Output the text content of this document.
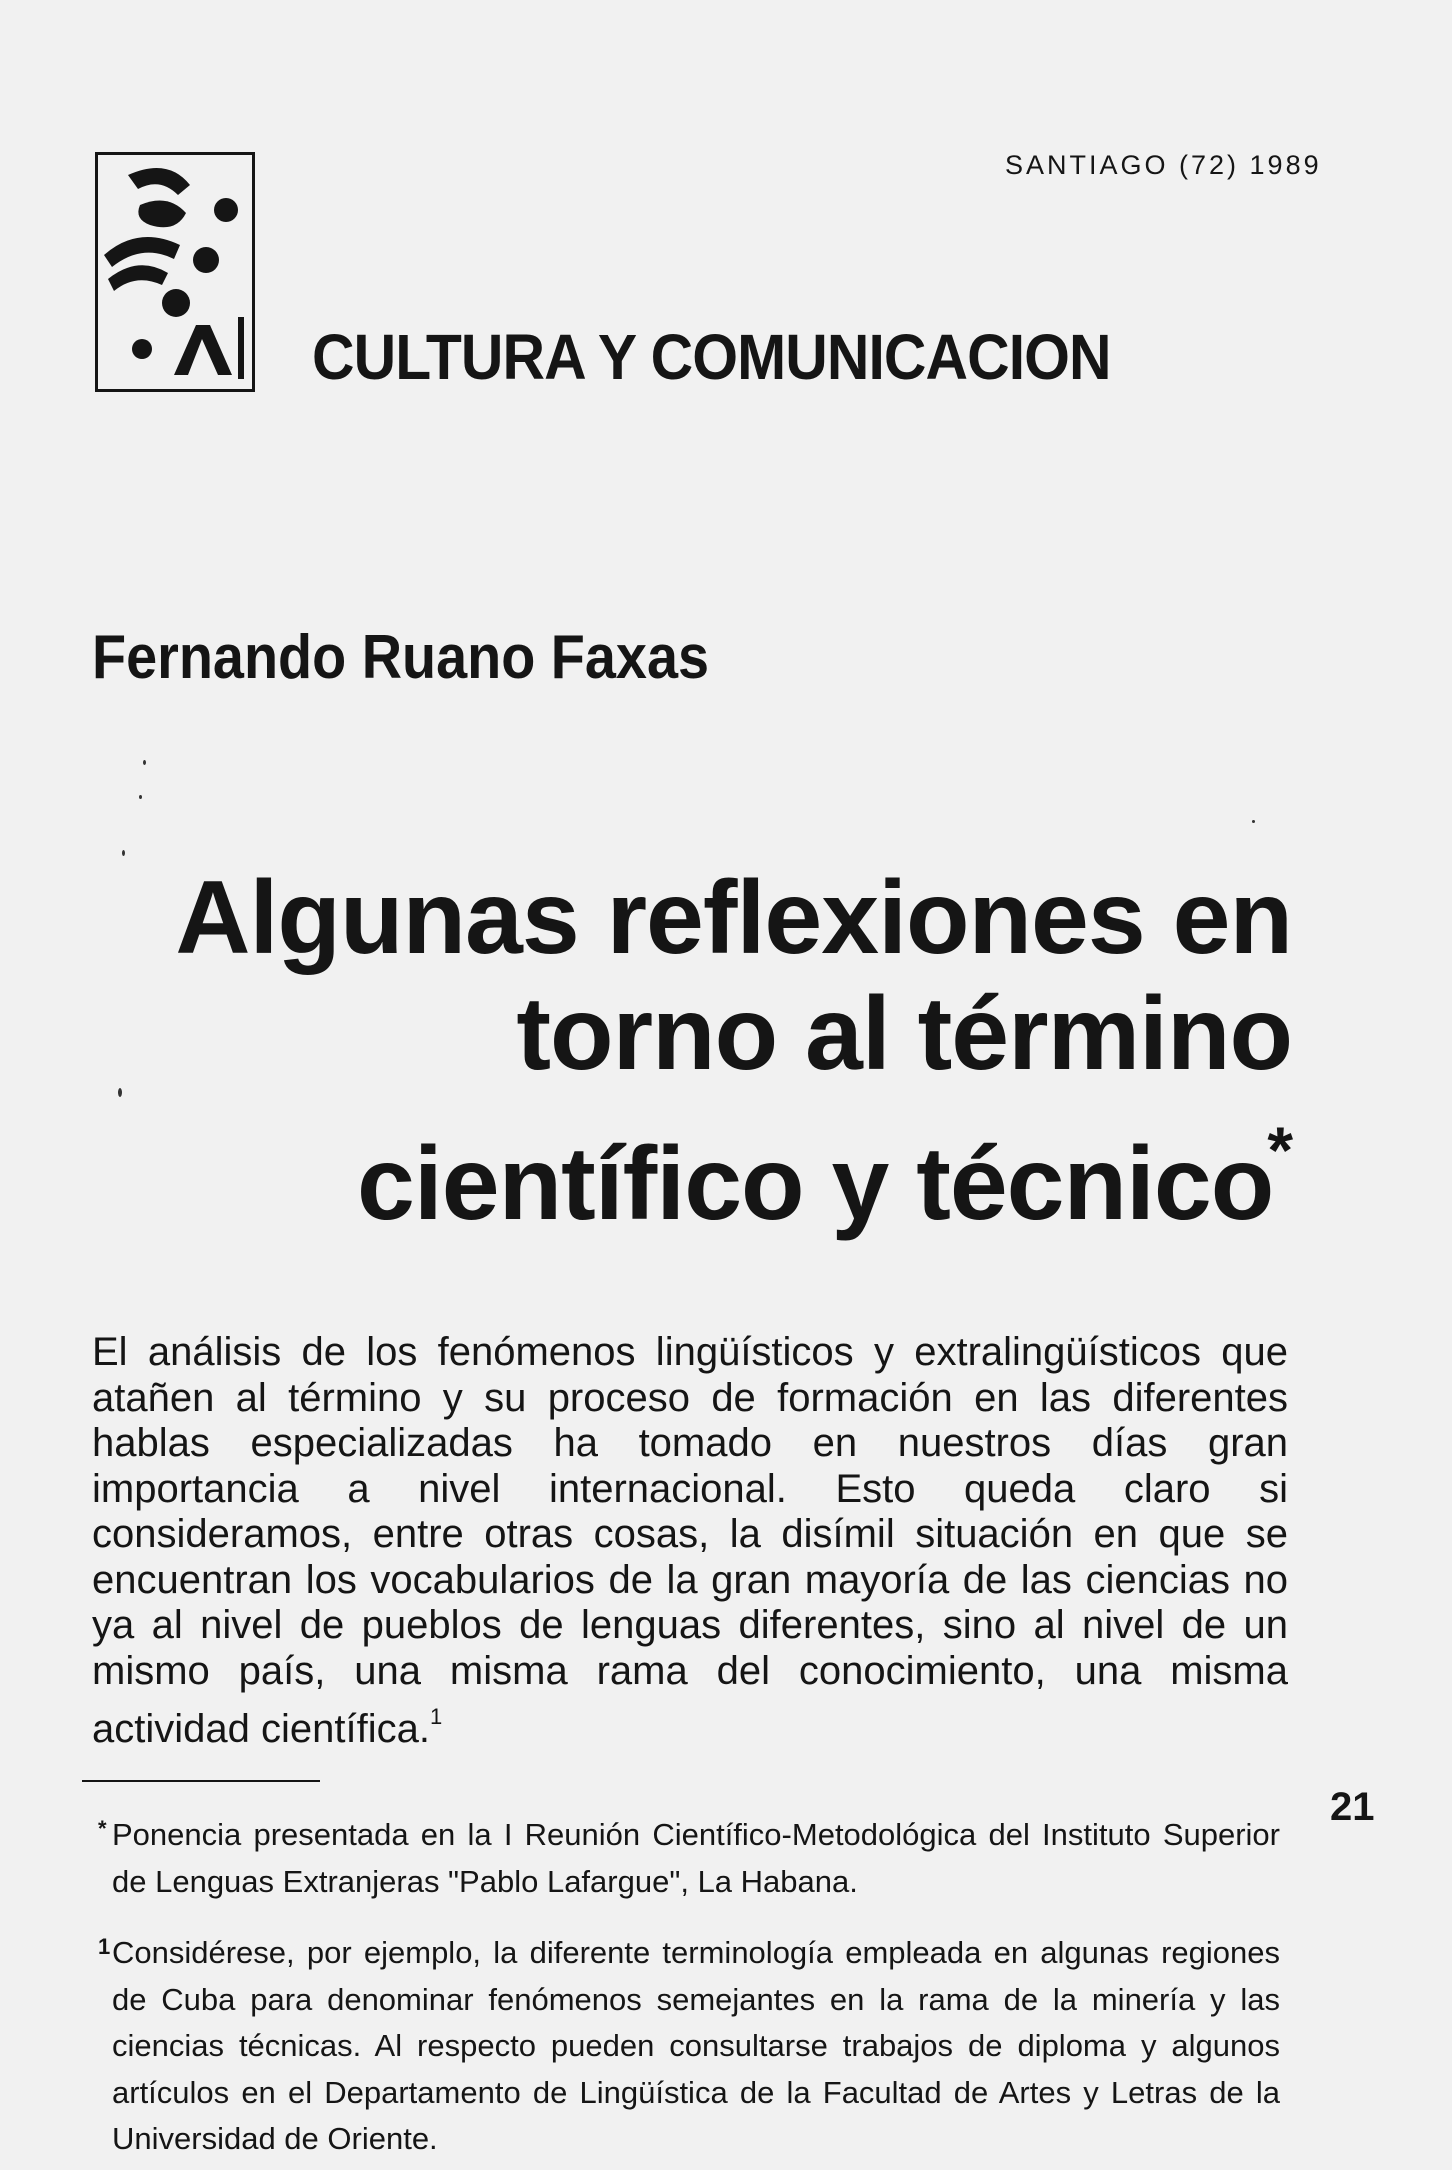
SANTIAGO (72) 1989
CULTURA Y COMUNICACION
Fernando Ruano Faxas
Algunas reflexiones en
torno al término
científico y técnico*
El análisis de los fenómenos lingüísticos y extralingüísticos que atañen al término y su proceso de formación en las diferentes hablas especializadas ha tomado en nuestros días gran importancia a nivel internacional. Esto queda claro si consideramos, entre otras cosas, la disímil situación en que se encuentran los vocabularios de la gran mayoría de las ciencias no ya al nivel de pueblos de lenguas diferentes, sino al nivel de un mismo país, una misma rama del conocimiento, una misma actividad científica.$^1$
21
* Ponencia presentada en la I Reunión Científico-Metodológica del Instituto Superior de Lenguas Extranjeras "Pablo Lafargue", La Habana.
1 Considérese, por ejemplo, la diferente terminología empleada en algunas regiones de Cuba para denominar fenómenos semejantes en la rama de la minería y las ciencias técnicas. Al respecto pueden consultarse trabajos de diploma y algunos artículos en el Departamento de Lingüística de la Facultad de Artes y Letras de la Universidad de Oriente.
